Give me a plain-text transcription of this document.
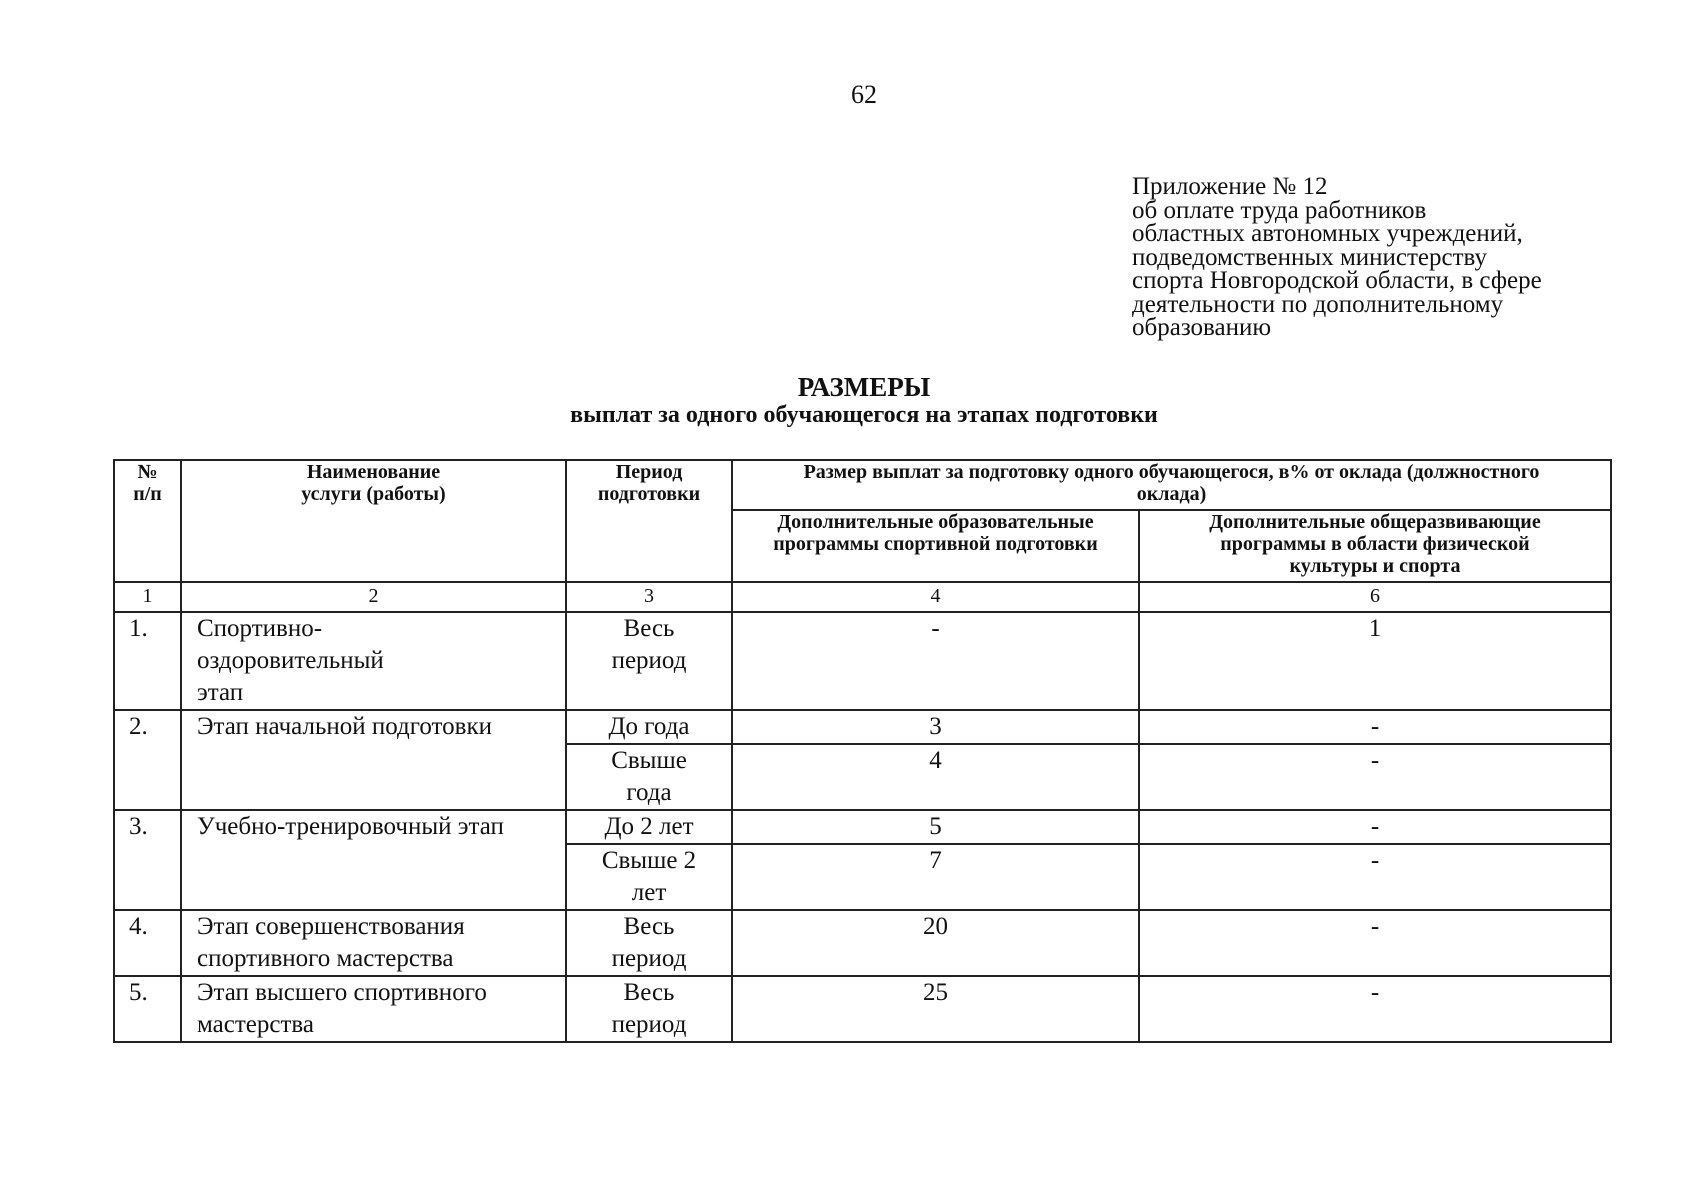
62
Приложение № 12
об оплате труда работников
областных автономных учреждений,
подведомственных министерству
спорта Новгородской области, в сфере
деятельности по дополнительному
образованию
РАЗМЕРЫ
выплат за одного обучающегося на этапах подготовки
№ п/п	Наименование услуги (работы)	Период подготовки	Размер выплат за подготовку одного обучающегося, в% от оклада (должностного оклада)	

			Дополнительные образовательные программы спортивной подготовки	Дополнительные общеразвивающие программы в области физической культуры и спорта

1	2	3	4	6
1.	Спортивно-оздоровительный этап	Весь период	-	1
2.	Этап начальной подготовки	До года	3	-

		Свыше года	4	-
3.	Учебно-тренировочный этап	До 2 лет	5	-

		Свыше 2 лет	7	-
4.	Этап совершенствования спортивного мастерства	Весь период	20	-
5.	Этап высшего спортивного мастерства	Весь период	25	-
